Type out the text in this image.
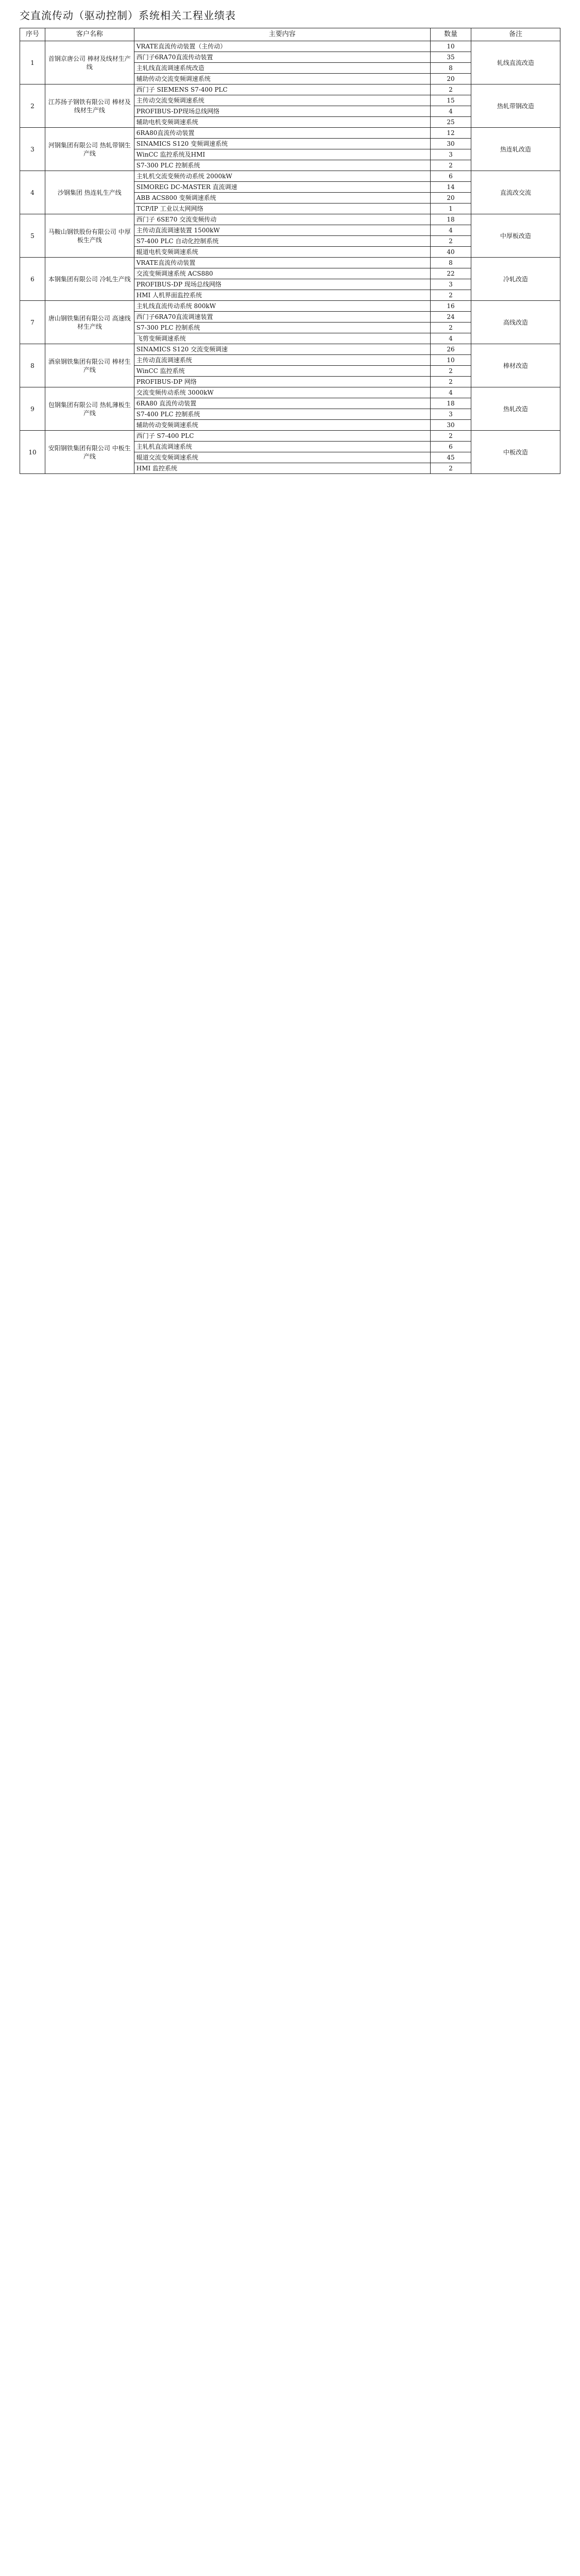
交直流传动（驱动控制）系统相关工程业绩表
序号	客户名称	主要内容	数量	备注
1	首钢京唐公司 棒材及线材生产线	VRATE直流传动装置（主传动）	10	轧线直流改造
		西门子6RA70直流传动装置	35	
		主轧线直流调速系统改造	8	
		辅助传动交流变频调速系统	20	
2	江苏扬子钢铁有限公司 棒材及线材生产线	西门子 SIEMENS S7-400 PLC	2	热轧带钢改造
		主传动交流变频调速系统	15	
		PROFIBUS-DP现场总线网络	4	
		辅助电机变频调速系统	25	
3	河钢集团有限公司 热轧带钢生产线	6RA80直流传动装置	12	热连轧改造
		SINAMICS S120 变频调速系统	30	
		WinCC 监控系统及HMI	3	
		S7-300 PLC 控制系统	2	
4	沙钢集团 热连轧生产线	主轧机交流变频传动系统 2000kW	6	直流改交流
		SIMOREG DC-MASTER 直流调速	14	
		ABB ACS800 变频调速系统	20	
		TCP/IP 工业以太网网络	1	
5	马鞍山钢铁股份有限公司 中厚板生产线	西门子 6SE70 交流变频传动	18	中厚板改造
		主传动直流调速装置 1500kW	4	
		S7-400 PLC 自动化控制系统	2	
		辊道电机变频调速系统	40	
6	本钢集团有限公司 冷轧生产线	VRATE直流传动装置	8	冷轧改造
		交流变频调速系统 ACS880	22	
		PROFIBUS-DP 现场总线网络	3	
		HMI 人机界面监控系统	2	
7	唐山钢铁集团有限公司 高速线材生产线	主轧线直流传动系统 800kW	16	高线改造
		西门子6RA70直流调速装置	24	
		S7-300 PLC 控制系统	2	
		飞剪变频调速系统	4	
8	酒泉钢铁集团有限公司 棒材生产线	SINAMICS S120 交流变频调速	26	棒材改造
		主传动直流调速系统	10	
		WinCC 监控系统	2	
		PROFIBUS-DP 网络	2	
9	包钢集团有限公司 热轧薄板生产线	交流变频传动系统 3000kW	4	热轧改造
		6RA80 直流传动装置	18	
		S7-400 PLC 控制系统	3	
		辅助传动变频调速系统	30	
10	安阳钢铁集团有限公司 中板生产线	西门子 S7-400 PLC	2	中板改造
		主轧机直流调速系统	6	
		辊道交流变频调速系统	45	
		HMI 监控系统	2	
